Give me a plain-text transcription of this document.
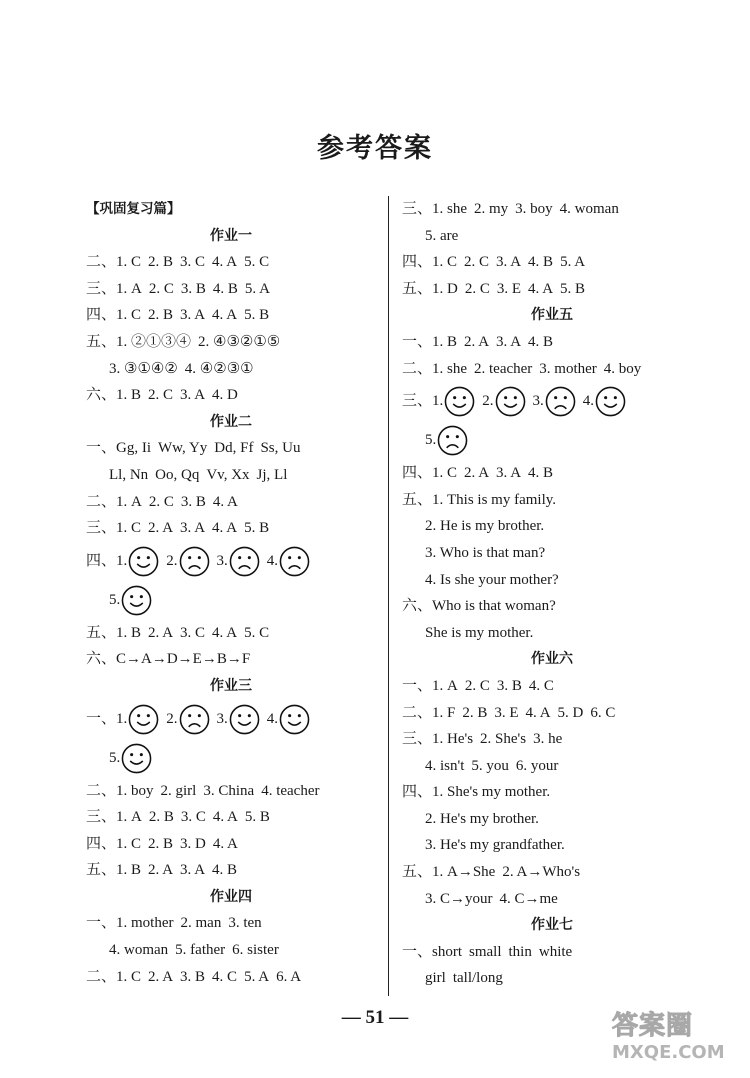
参考答案
【巩固复习篇】
作业一
二、1. C 2. B 3. C 4. A 5. C
三、1. A 2. C 3. B 4. B 5. A
四、1. C 2. B 3. A 4. A 5. B
五、1. ②①③④ 2. ④③②①⑤
3. ③①④② 4. ④②③①
六、1. B 2. C 3. A 4. D
作业二
一、Gg, Ii Ww, Yy Dd, Ff Ss, Uu
Ll, Nn Oo, Qq Vv, Xx Jj, Ll
二、1. A 2. C 3. B 4. A
三、1. C 2. A 3. A 4. A 5. B
四、1.	2.	3.	4.
5.
五、1. B 2. A 3. C 4. A 5. C
六、C→A→D→E→B→F
作业三
一、1.	2.	3.	4.
5.
二、1. boy 2. girl 3. China 4. teacher
三、1. A 2. B 3. C 4. A 5. B
四、1. C 2. B 3. D 4. A
五、1. B 2. A 3. A 4. B
作业四
一、1. mother 2. man 3. ten
4. woman 5. father 6. sister
二、1. C 2. A 3. B 4. C 5. A 6. A
三、1. she 2. my 3. boy 4. woman
5. are
四、1. C 2. C 3. A 4. B 5. A
五、1. D 2. C 3. E 4. A 5. B
作业五
一、1. B 2. A 3. A 4. B
二、1. she 2. teacher 3. mother 4. boy
三、1.	2.	3.	4.
5.
四、1. C 2. A 3. A 4. B
五、1. This is my family.
2. He is my brother.
3. Who is that man?
4. Is she your mother?
六、Who is that woman?
She is my mother.
作业六
一、1. A 2. C 3. B 4. C
二、1. F 2. B 3. E 4. A 5. D 6. C
三、1. He's 2. She's 3. he
4. isn't 5. you 6. your
四、1. She's my mother.
2. He's my brother.
3. He's my grandfather.
五、1. A→She 2. A→Who's
3. C→your 4. C→me
作业七
一、short small thin white
girl tall/long
— 51 —	答案圈
MXQE.COM
